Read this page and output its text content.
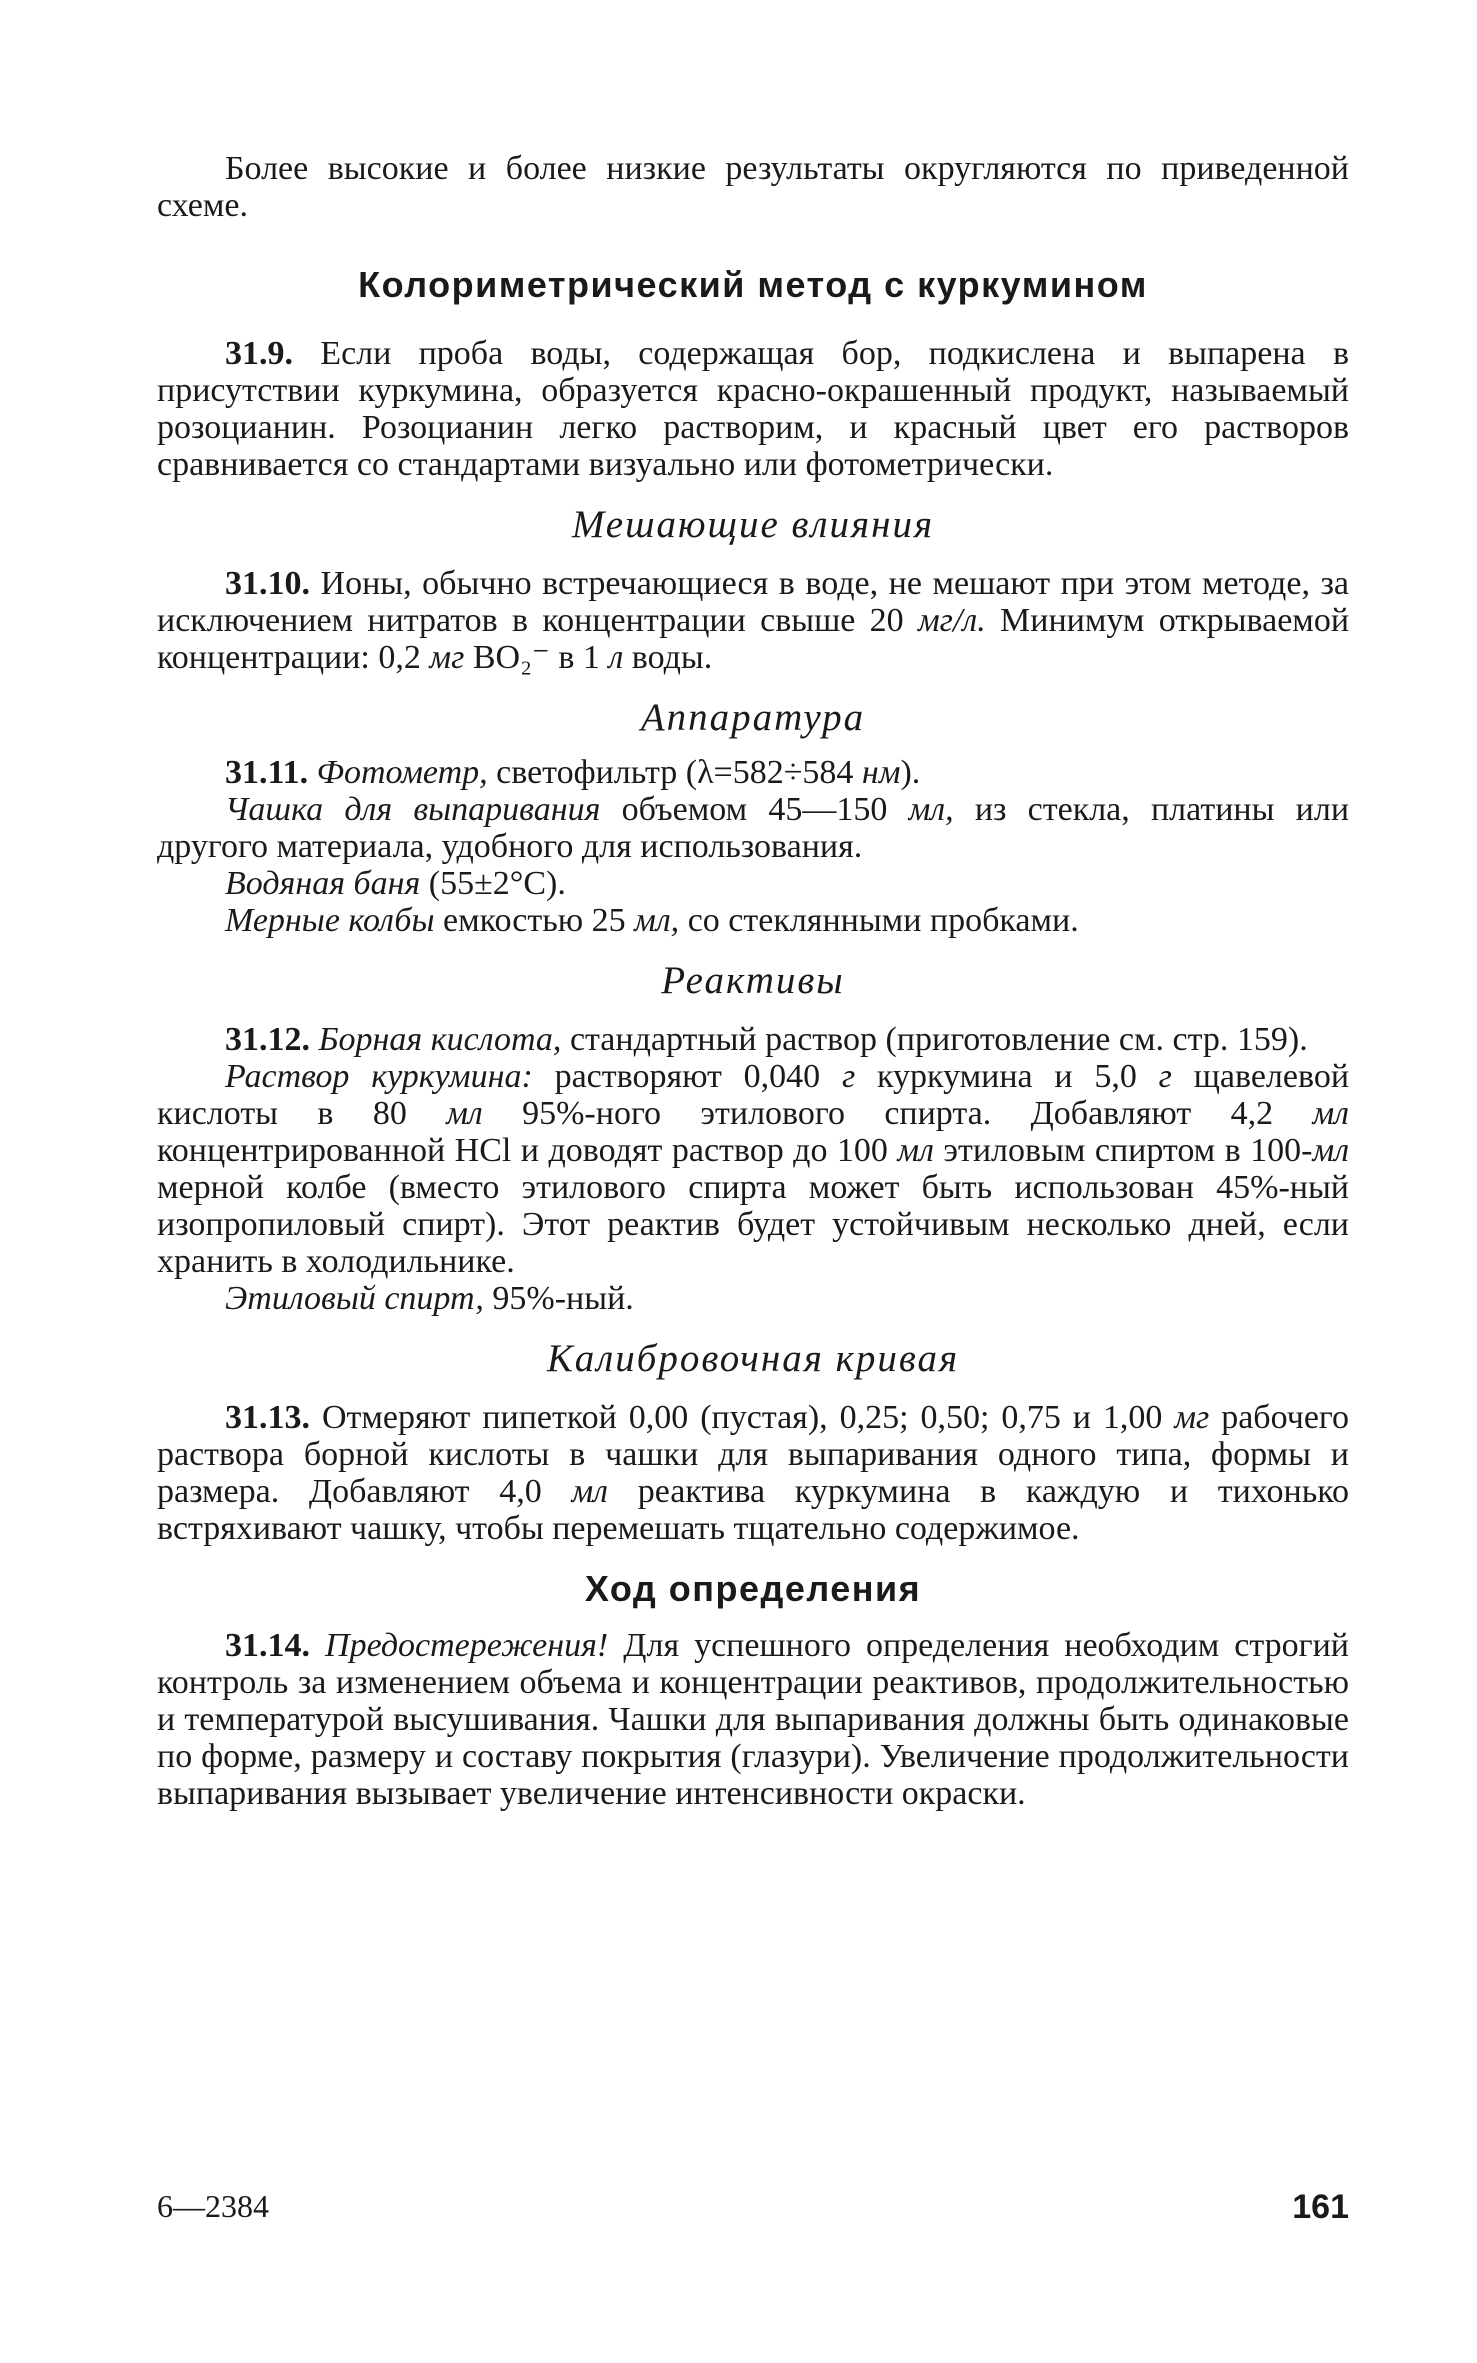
Более высокие и более низкие результаты округляются по приведенной схеме.

Колориметрический метод с куркумином

31.9. Если проба воды, содержащая бор, подкислена и выпарена в присутствии куркумина, образуется красно-окрашенный продукт, называемый розоцианин. Розоцианин легко растворим, и красный цвет его растворов сравнивается со стандартами визуально или фотометрически.

Мешающие влияния

31.10. Ионы, обычно встречающиеся в воде, не мешают при этом методе, за исключением нитратов в концентрации свыше 20 мг/л. Минимум открываемой концентрации: 0,2 мг BO₂⁻ в 1 л воды.

Аппаратура

31.11. Фотометр, светофильтр (λ=582÷584 нм).

Чашка для выпаривания объемом 45—150 мл, из стекла, платины или другого материала, удобного для использования.

Водяная баня (55±2°С).

Мерные колбы емкостью 25 мл, со стеклянными пробками.

Реактивы

31.12. Борная кислота, стандартный раствор (приготовление см. стр. 159).

Раствор куркумина: растворяют 0,040 г куркумина и 5,0 г щавелевой кислоты в 80 мл 95%-ного этилового спирта. Добавляют 4,2 мл концентрированной HCl и доводят раствор до 100 мл этиловым спиртом в 100-мл мерной колбе (вместо этилового спирта может быть использован 45%-ный изопропиловый спирт). Этот реактив будет устойчивым несколько дней, если хранить в холодильнике.

Этиловый спирт, 95%-ный.

Калибровочная кривая

31.13. Отмеряют пипеткой 0,00 (пустая), 0,25; 0,50; 0,75 и 1,00 мг рабочего раствора борной кислоты в чашки для выпаривания одного типа, формы и размера. Добавляют 4,0 мл реактива куркумина в каждую и тихонько встряхивают чашку, чтобы перемешать тщательно содержимое.

Ход определения

31.14. Предостережения! Для успешного определения необходим строгий контроль за изменением объема и концентрации реактивов, продолжительностью и температурой высушивания. Чашки для выпаривания должны быть одинаковые по форме, размеру и составу покрытия (глазури). Увеличение продолжительности выпаривания вызывает увеличение интенсивности окраски.

6—2384	161
